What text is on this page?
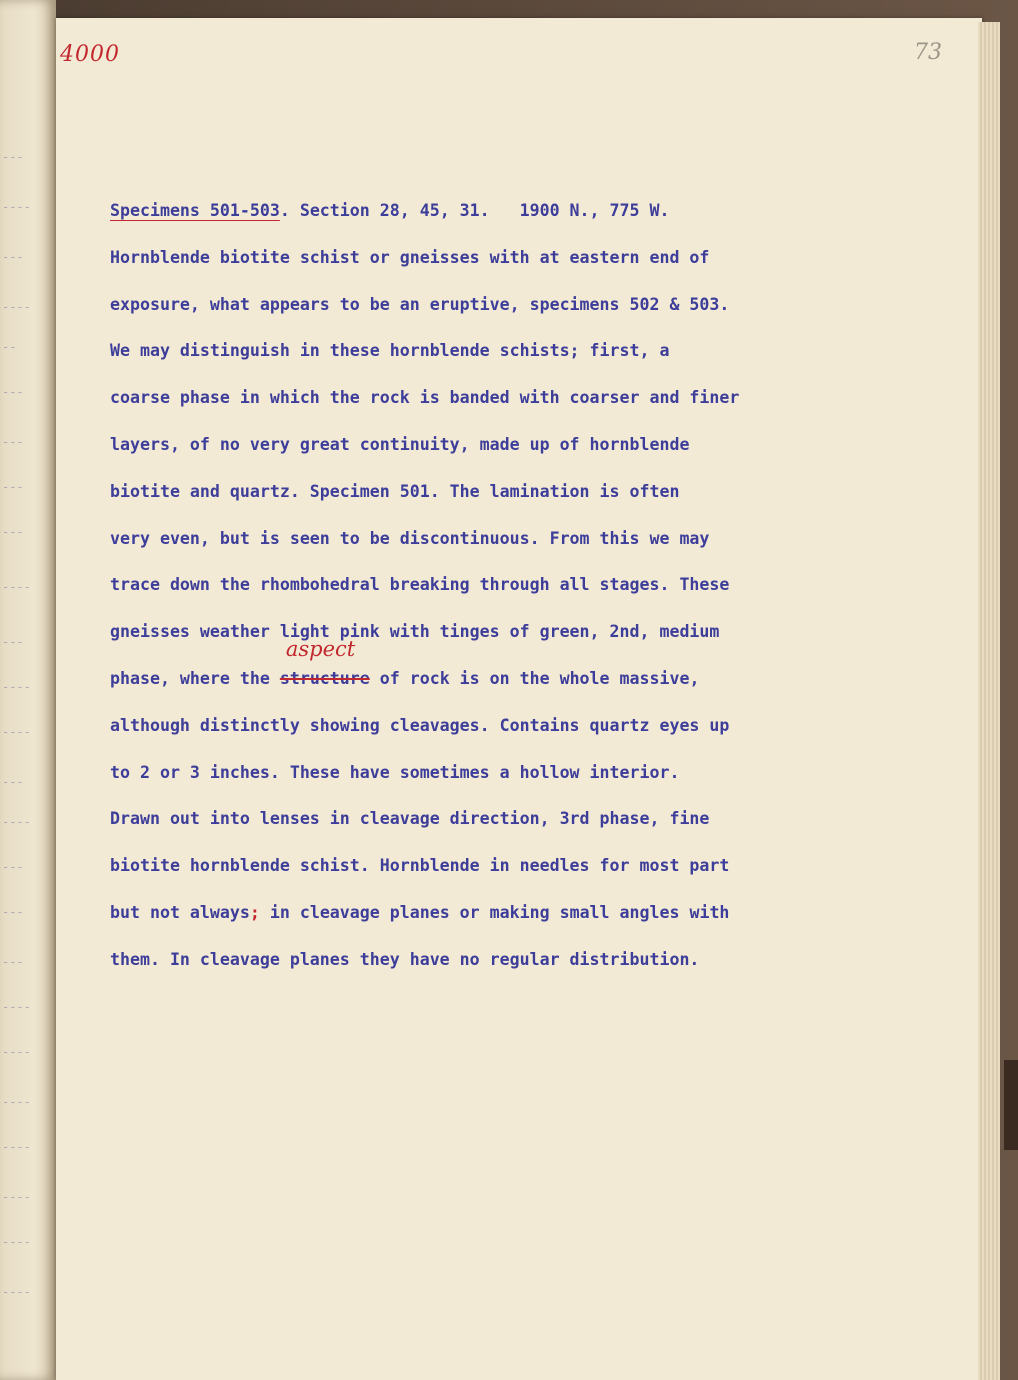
---
----
---
----
--
---
---
---
---
----
---
----
----
---
----
---
---
---
----
----
----
----
----
----
----
4000	73
Specimens 501-503. Section 28, 45, 31.   1900 N., 775 W.
Hornblende biotite schist or gneisses with at eastern end of
exposure, what appears to be an eruptive, specimens 502 & 503.
We may distinguish in these hornblende schists; first, a
coarse phase in which the rock is banded with coarser and finer
layers, of no very great continuity, made up of hornblende
biotite and quartz. Specimen 501. The lamination is often
very even, but is seen to be discontinuous. From this we may
trace down the rhombohedral breaking through all stages. These
gneisses weather light pink with tinges of green, 2nd, medium
phase, where the structure
aspect
of rock is on the whole massive,
although distinctly showing cleavages. Contains quartz eyes up
to 2 or 3 inches. These have sometimes a hollow interior.
Drawn out into lenses in cleavage direction, 3rd phase, fine
biotite hornblende schist. Hornblende in needles for most part
but not always; in cleavage planes or making small angles with
them. In cleavage planes they have no regular distribution.
